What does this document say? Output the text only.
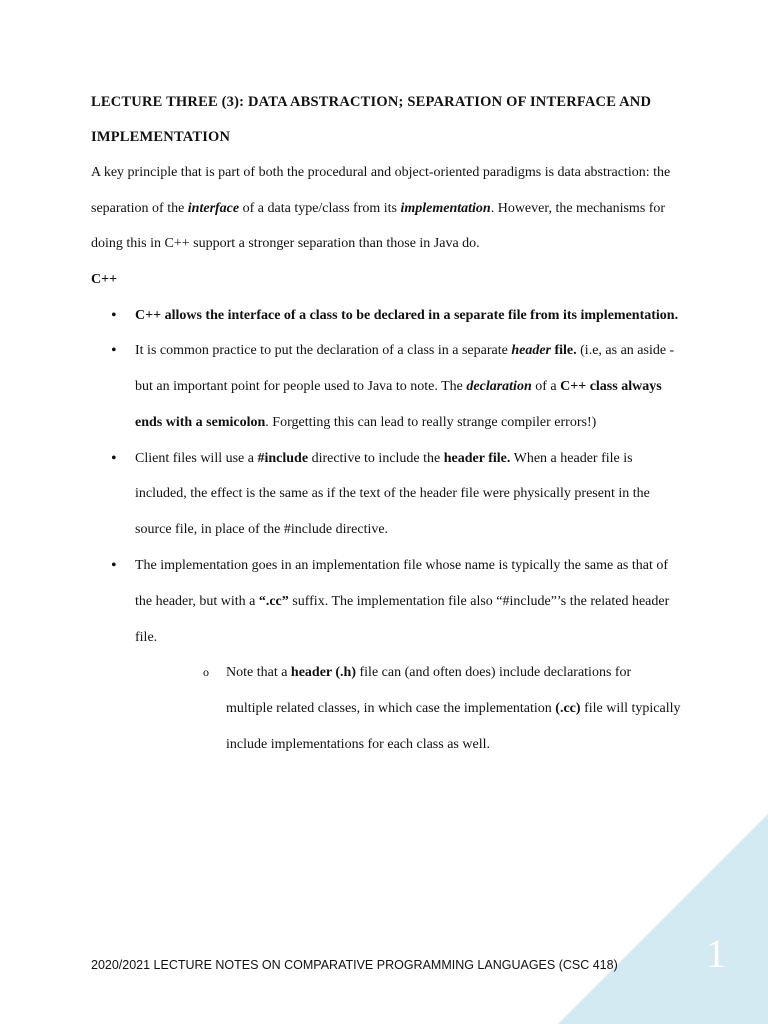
1

LECTURE THREE (3): DATA ABSTRACTION; SEPARATION OF INTERFACE AND IMPLEMENTATION

A key principle that is part of both the procedural and object-oriented paradigms is data abstraction: the separation of the interface of a data type/class from its implementation. However, the mechanisms for doing this in C++ support a stronger separation than those in Java do.

C++

• C++ allows the interface of a class to be declared in a separate file from its implementation.
• It is common practice to put the declaration of a class in a separate header file. (i.e, as an aside -but an important point for people used to Java to note. The declaration of a C++ class always ends with a semicolon. Forgetting this can lead to really strange compiler errors!)
• Client files will use a #include directive to include the header file. When a header file is included, the effect is the same as if the text of the header file were physically present in the source file, in place of the #include directive.
• The implementation goes in an implementation file whose name is typically the same as that of the header, but with a “.cc” suffix. The implementation file also “#include”’s the related header file.
o Note that a header (.h) file can (and often does) include declarations for multiple related classes, in which case the implementation (.cc) file will typically include implementations for each class as well.
2020/2021 LECTURE NOTES ON COMPARATIVE PROGRAMMING LANGUAGES (CSC 418)
